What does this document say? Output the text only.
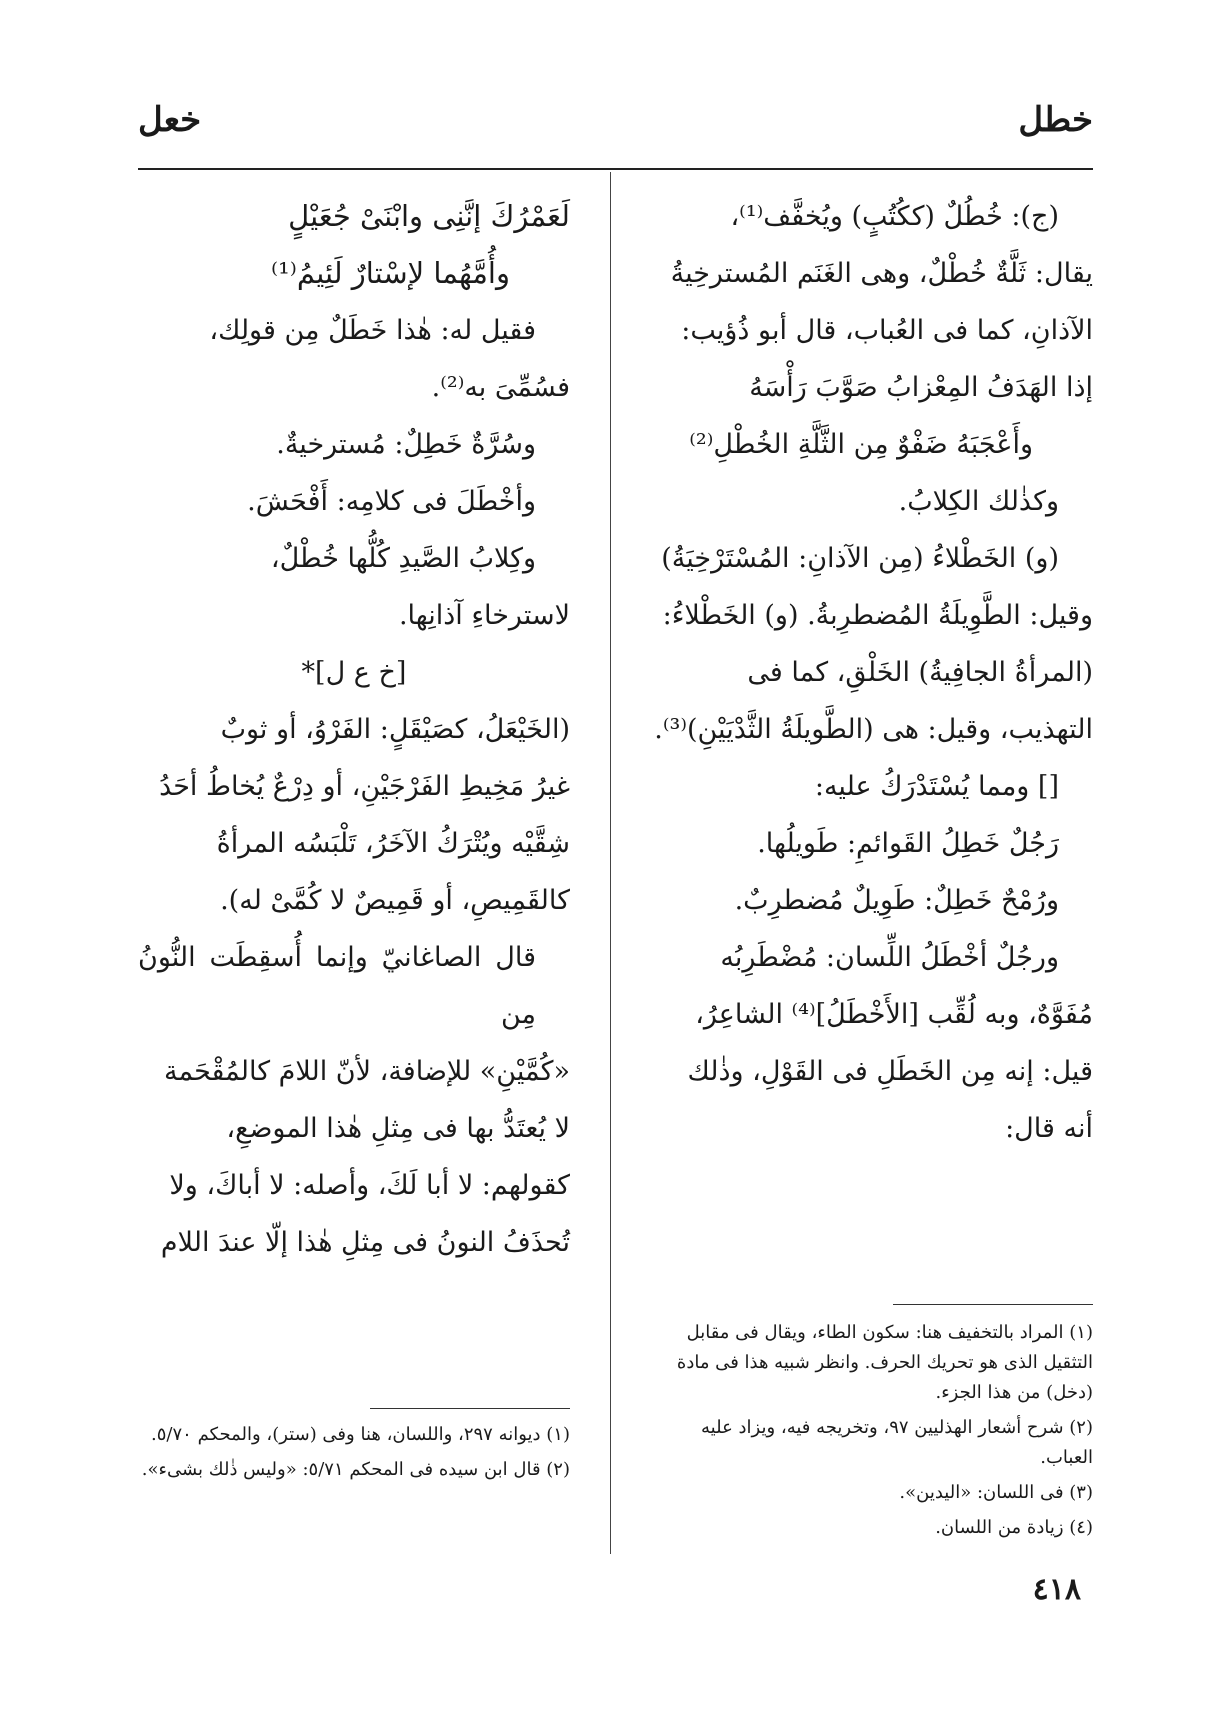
خطل
خعل

(ج): خُطُلٌ (ككُتُبٍ) ويُخفَّف⁽¹⁾،

يقال: ثَلَّةٌ خُطْلٌ، وهى الغَنَم المُسترخِيةُ

الآذانِ، كما فى العُباب، قال أبو ذُؤيب:

إذا الهَدَفُ المِعْزابُ صَوَّبَ رَأْسَهُ

وأَعْجَبَهُ ضَفْوٌ مِن الثَّلَّةِ الخُطْلِ⁽²⁾

وكذٰلك الكِلابُ.

(و) الخَطْلاءُ (مِن الآذانِ: المُسْتَرْخِيَةُ)

وقيل: الطَّوِيلَةُ المُضطرِبةُ. (و) الخَطْلاءُ:

(المرأةُ الجافِيةُ) الخَلْقِ، كما فى

التهذيب، وقيل: هى (الطَّويلَةُ الثَّدْيَيْنِ)⁽³⁾.

[] ومما يُسْتَدْرَكُ عليه:

رَجُلٌ خَطِلُ القَوائمِ: طَويلُها.

ورُمْحٌ خَطِلٌ: طَوِيلٌ مُضطرِبٌ.

ورجُلٌ أخْطَلُ اللِّسان: مُضْطَرِبُه

مُفَوَّهٌ، وبه لُقِّب [الأَخْطَلُ]⁽⁴⁾ الشاعِرُ،

قيل: إنه مِن الخَطَلِ فى القَوْلِ، وذٰلك

أنه قال:

(١) المراد بالتخفيف هنا: سكون الطاء، ويقال فى مقابل التثقيل الذى هو تحريك الحرف. وانظر شبيه هذا فى مادة (دخل) من هذا الجزء.

(٢) شرح أشعار الهذليين ٩٧، وتخريجه فيه، ويزاد عليه العباب.

(٣) فى اللسان: «اليدين».

(٤) زيادة من اللسان.

لَعَمْرُكَ إنَّنِى وابْنَىْ جُعَيْلٍ

وأُمَّهُما لإسْتارٌ لَئِيمُ⁽¹⁾

فقيل له: هٰذا خَطَلٌ مِن قولِك،

فسُمِّىَ به⁽²⁾.

وسُرَّةٌ خَطِلٌ: مُسترخيةٌ.

وأخْطَلَ فى كلامِه: أَفْحَشَ.

وكِلابُ الصَّيدِ كُلُّها خُطْلٌ،

لاسترخاءِ آذانِها.

[خ ع ل]*

(الخَيْعَلُ، كصَيْقَلٍ: الفَرْوُ، أو ثوبٌ

غيرُ مَخِيطِ الفَرْجَيْنِ، أو دِرْعٌ يُخاطُ أحَدُ

شِقَّيْه ويُتْرَكُ الآخَرُ، تَلْبَسُه المرأةُ

كالقَمِيصِ، أو قَمِيصٌ لا كُمَّىْ له).

قال الصاغانيّ وإنما أُسقِطَت النُّونُ مِن

«كُمَّيْنِ» للإضافة، لأنّ اللامَ كالمُقْحَمة

لا يُعتَدُّ بها فى مِثلِ هٰذا الموضعِ،

كقولهم: لا أبا لَكَ، وأصله: لا أباكَ، ولا

تُحذَفُ النونُ فى مِثلِ هٰذا إلّا عندَ اللام

(١) ديوانه ٢٩٧، واللسان، هنا وفى (ستر)، والمحكم ٥/٧٠.

(٢) قال ابن سيده فى المحكم ٥/٧١: «وليس ذٰلك بشىء».

٤١٨
